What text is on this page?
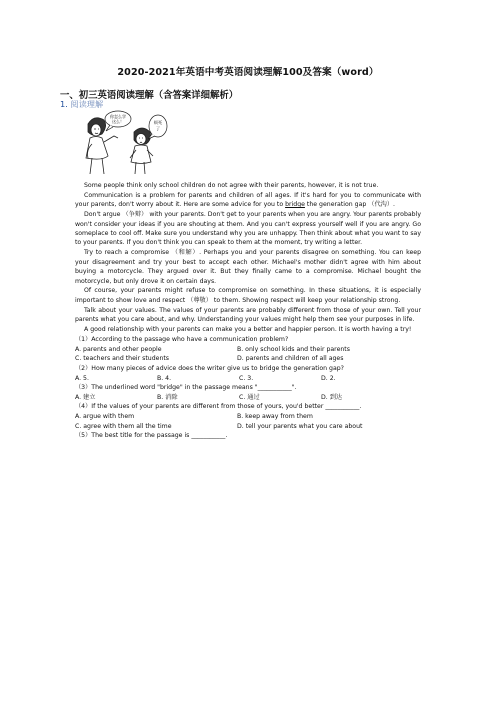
2020-2021年英语中考英语阅读理解100及答案（word）
一、初三英语阅读理解（含答案详细解析）
1. 阅读理解
你怎么学
这么！	烦死
了

Some people think only school children do not agree with their parents, however, it is not true.

Communication is a problem for parents and children of all ages. If it's hard for you to communicate with your parents, don't worry about it. Here are some advice for you to bridge the generation gap （代沟）.

Don't argue （争辩） with your parents. Don't get to your parents when you are angry. Your parents probably won't consider your ideas if you are shouting at them. And you can't express yourself well if you are angry. Go someplace to cool off. Make sure you understand why you are unhappy. Then think about what you want to say to your parents. If you don't think you can speak to them at the moment, try writing a letter.

Try to reach a compromise （和解）. Perhaps you and your parents disagree on something. You can keep your disagreement and try your best to accept each other. Michael's mother didn't agree with him about buying a motorcycle. They argued over it. But they finally came to a compromise. Michael bought the motorcycle, but only drove it on certain days.

Of course, your parents might refuse to compromise on something. In these situations, it is especially important to show love and respect （尊敬） to them. Showing respect will keep your relationship strong.

Talk about your values. The values of your parents are probably different from those of your own. Tell your parents what you care about, and why. Understanding your values might help them see your purposes in life.

A good relationship with your parents can make you a better and happier person. It is worth having a try!

（1）According to the passage who have a communication problem?

A. parents and other people	B. only school kids and their parents
C. teachers and their students	D. parents and children of all ages

（2）How many pieces of advice does the writer give us to bridge the generation gap?

A. 5.	B. 4.	C. 3.	D. 2.

（3）The underlined word "bridge" in the passage means "___________".

A. 建立	B. 消除	C. 通过	D. 到达

（4）If the values of your parents are different from those of yours, you'd better ___________.

A. argue with them	B. keep away from them
C. agree with them all the time	D. tell your parents what you care about

（5）The best title for the passage is ___________.
